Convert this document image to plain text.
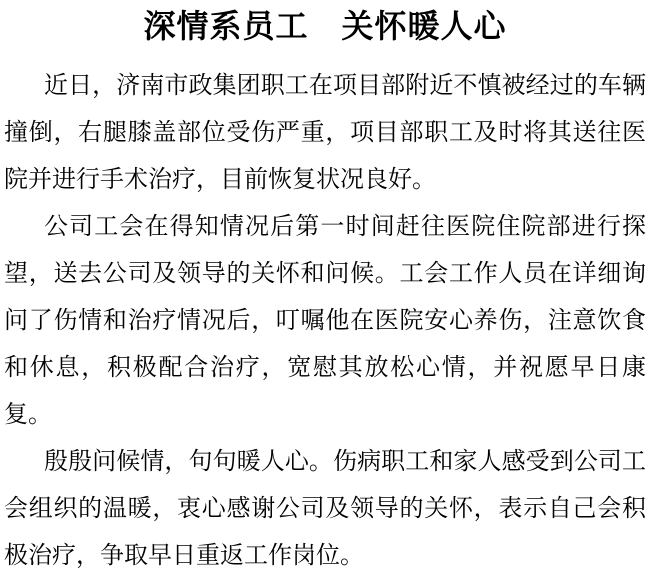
深情系员工　关怀暖人心

近日，济南市政集团职工在项目部附近不慎被经过的车辆撞倒，右腿膝盖部位受伤严重，项目部职工及时将其送往医院并进行手术治疗，目前恢复状况良好。

公司工会在得知情况后第一时间赶往医院住院部进行探望，送去公司及领导的关怀和问候。工会工作人员在详细询问了伤情和治疗情况后，叮嘱他在医院安心养伤，注意饮食和休息，积极配合治疗，宽慰其放松心情，并祝愿早日康复。

殷殷问候情，句句暖人心。伤病职工和家人感受到公司工会组织的温暖，衷心感谢公司及领导的关怀，表示自己会积极治疗，争取早日重返工作岗位。
